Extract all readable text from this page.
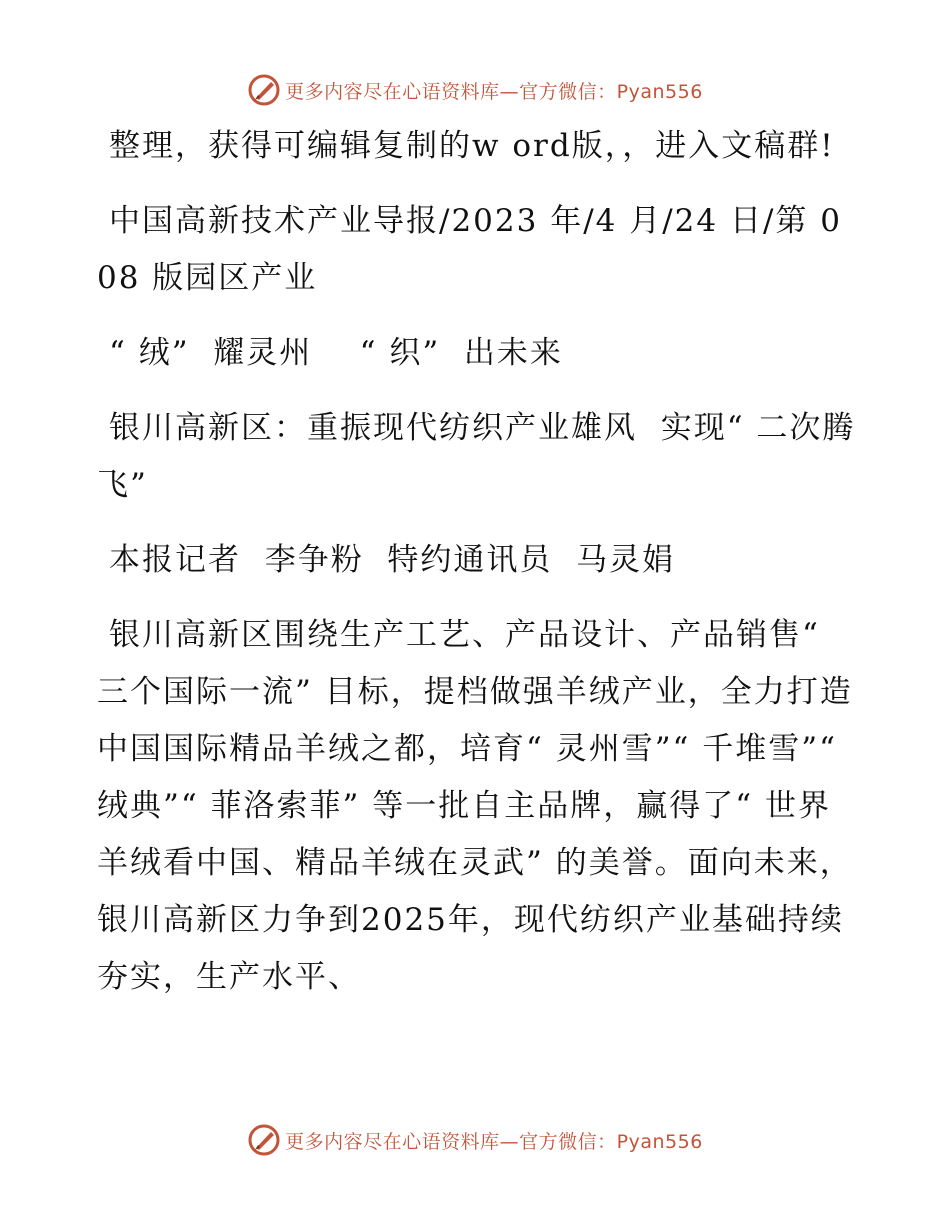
更多内容尽在心语资料库—官方微信：Pyan556

整理，获得可编辑复制的w ord版，，进入文稿群!

中国高新技术产业导报/2023 年/4 月/24 日/第 008 版园区产业

“ 绒”  耀灵州    “ 织”  出未来

银川高新区：重振现代纺织产业雄风  实现“ 二次腾飞”

本报记者  李争粉  特约通讯员  马灵娟

银川高新区围绕生产工艺、产品设计、产品销售“ 三个国际一流” 目标，提档做强羊绒产业，全力打造中国国际精品羊绒之都，培育“ 灵州雪”“ 千堆雪”“ 绒典”“ 菲洛索菲” 等一批自主品牌，赢得了“ 世界羊绒看中国、精品羊绒在灵武” 的美誉。面向未来，银川高新区力争到2025年，现代纺织产业基础持续夯实，生产水平、

更多内容尽在心语资料库—官方微信：Pyan556
